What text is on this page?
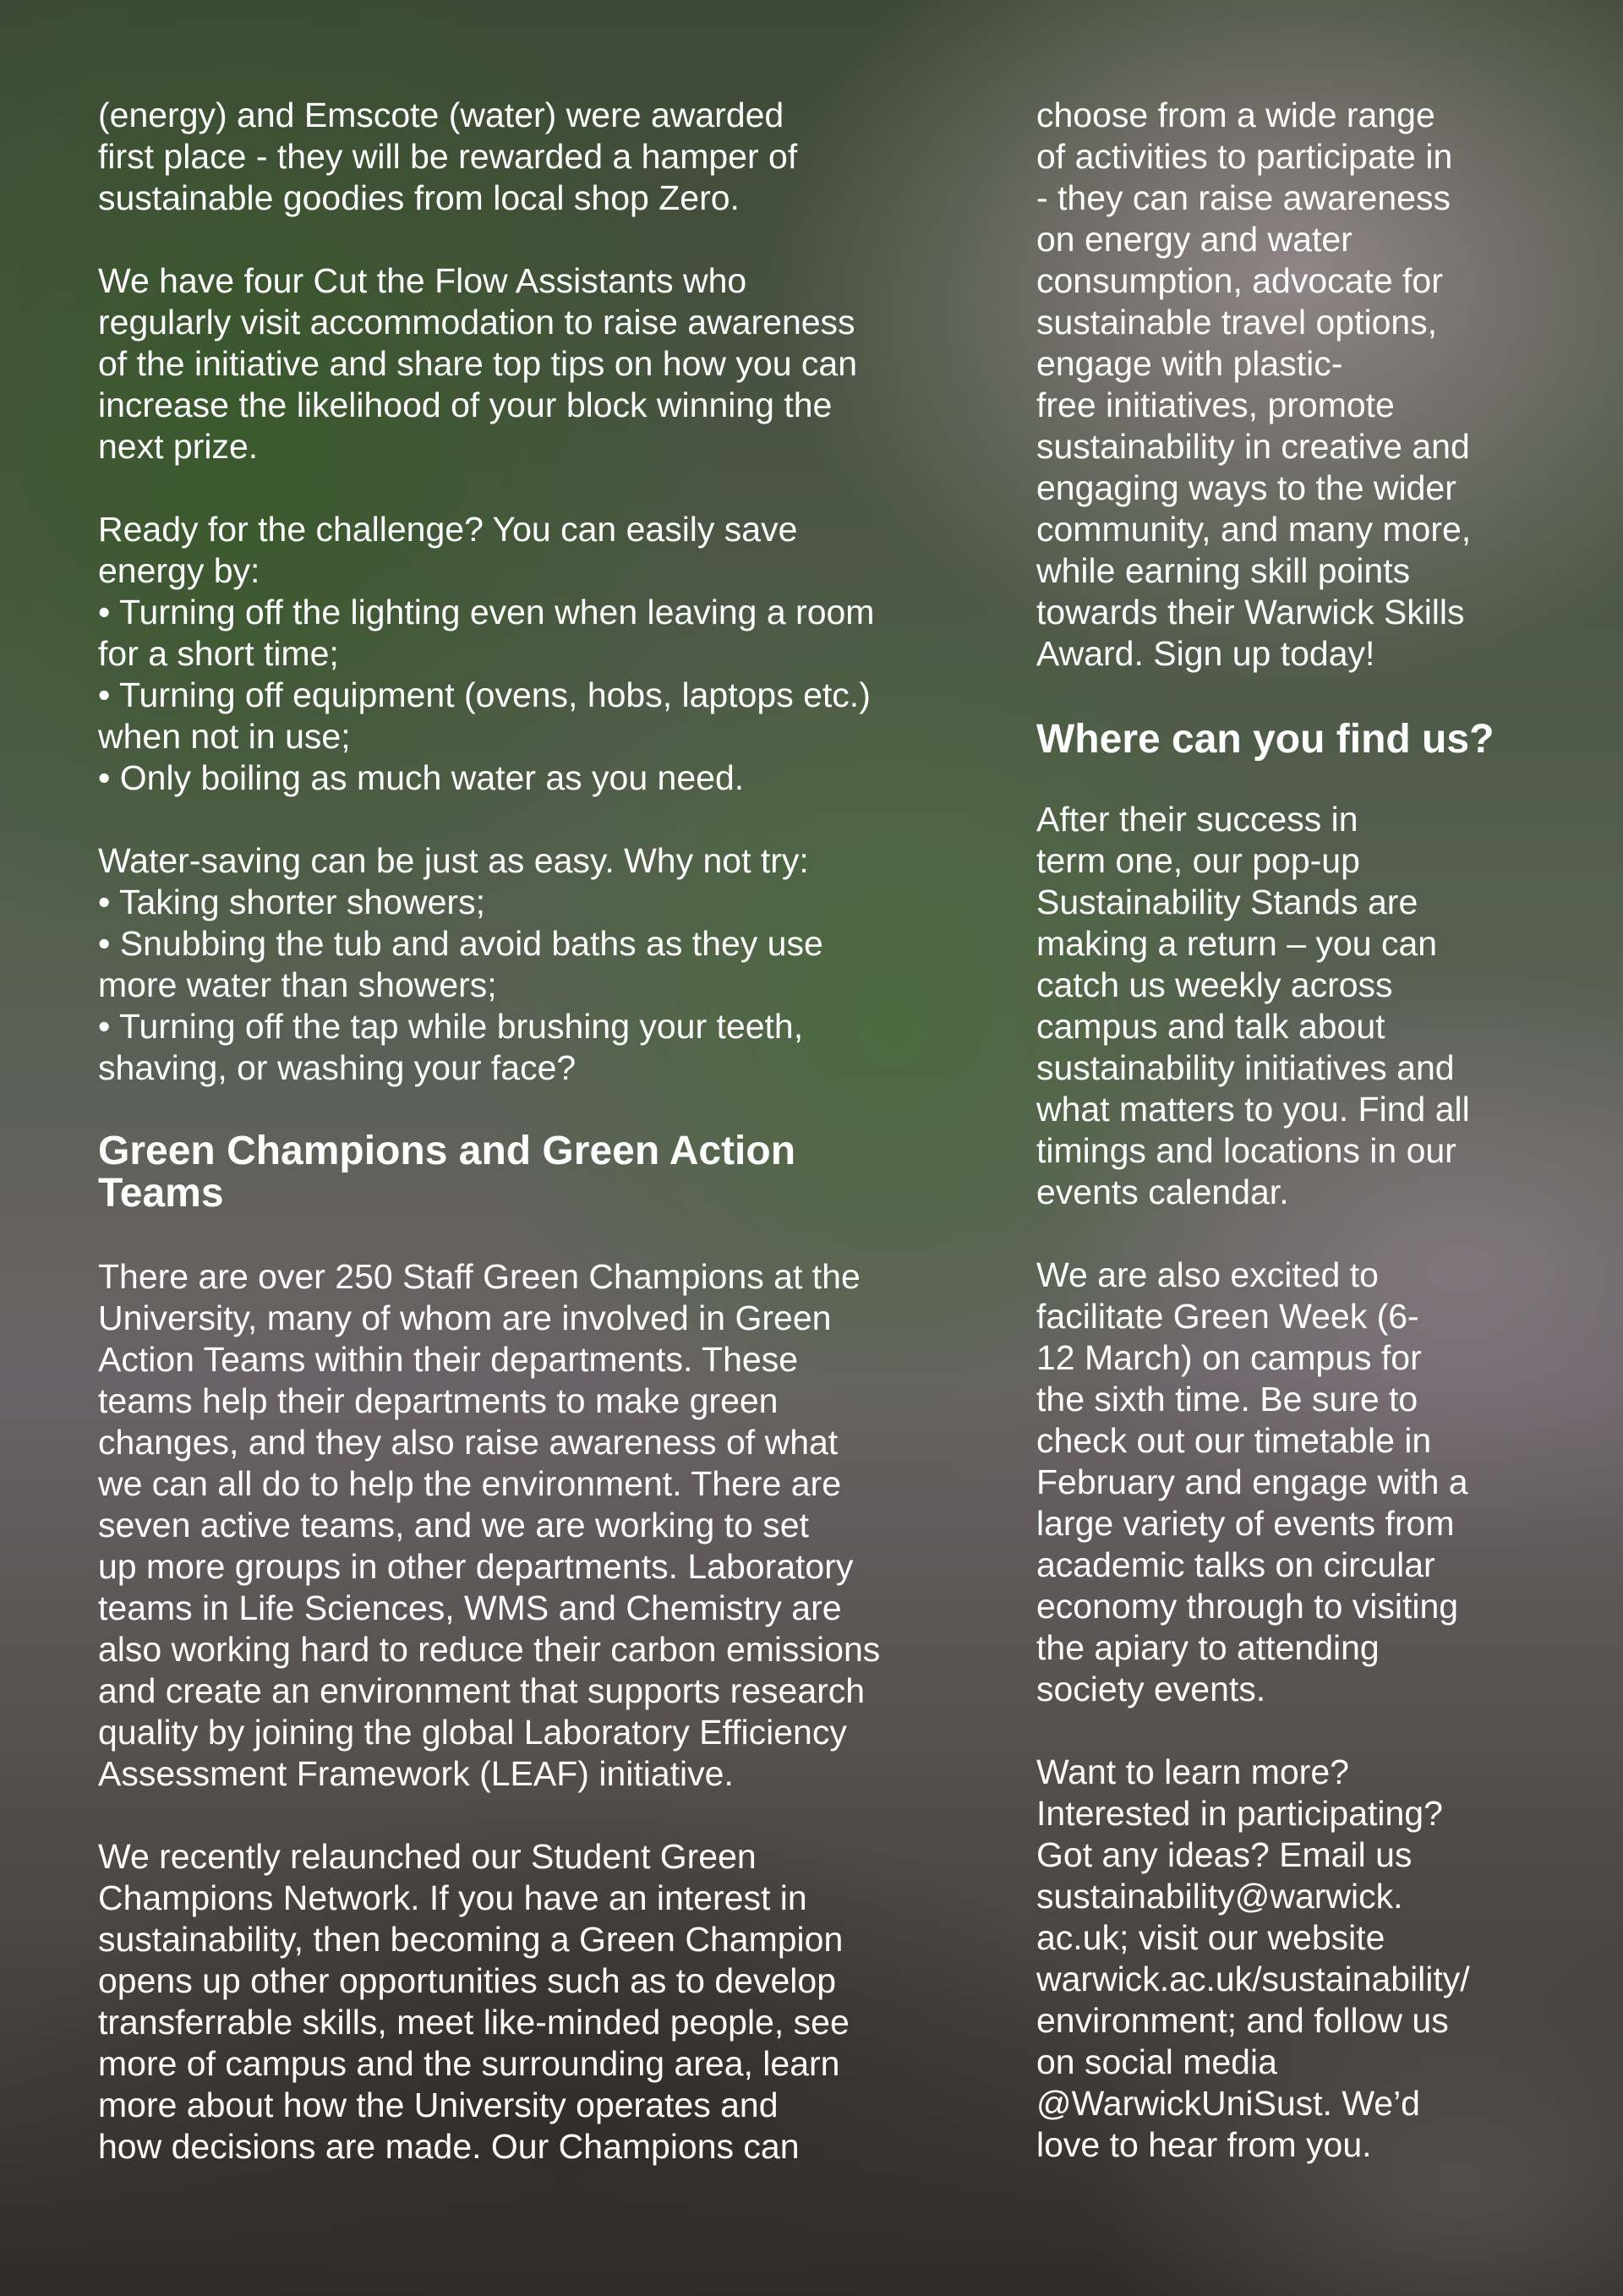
(energy) and Emscote (water) were awarded
first place - they will be rewarded a hamper of
sustainable goodies from local shop Zero.

We have four Cut the Flow Assistants who
regularly visit accommodation to raise awareness
of the initiative and share top tips on how you can
increase the likelihood of your block winning the
next prize.

Ready for the challenge? You can easily save
energy by:
• Turning off the lighting even when leaving a room
for a short time;
• Turning off equipment (ovens, hobs, laptops etc.)
when not in use;
• Only boiling as much water as you need.

Water-saving can be just as easy. Why not try:
• Taking shorter showers;
• Snubbing the tub and avoid baths as they use
more water than showers;
• Turning off the tap while brushing your teeth,
shaving, or washing your face?

Green Champions and Green Action
Teams

There are over 250 Staff Green Champions at the
University, many of whom are involved in Green
Action Teams within their departments. These
teams help their departments to make green
changes, and they also raise awareness of what
we can all do to help the environment. There are
seven active teams, and we are working to set
up more groups in other departments. Laboratory
teams in Life Sciences, WMS and Chemistry are
also working hard to reduce their carbon emissions
and create an environment that supports research
quality by joining the global Laboratory Efficiency
Assessment Framework (LEAF) initiative.

We recently relaunched our Student Green
Champions Network. If you have an interest in
sustainability, then becoming a Green Champion
opens up other opportunities such as to develop
transferrable skills, meet like-minded people, see
more of campus and the surrounding area, learn
more about how the University operates and
how decisions are made. Our Champions can

choose from a wide range
of activities to participate in
- they can raise awareness
on energy and water
consumption, advocate for
sustainable travel options,
engage with plastic-
free initiatives, promote
sustainability in creative and
engaging ways to the wider
community, and many more,
while earning skill points
towards their Warwick Skills
Award. Sign up today!

Where can you find us?

After their success in
term one, our pop-up
Sustainability Stands are
making a return – you can
catch us weekly across
campus and talk about
sustainability initiatives and
what matters to you. Find all
timings and locations in our
events calendar.

We are also excited to
facilitate Green Week (6-
12 March) on campus for
the sixth time. Be sure to
check out our timetable in
February and engage with a
large variety of events from
academic talks on circular
economy through to visiting
the apiary to attending
society events.

Want to learn more?
Interested in participating?
Got any ideas? Email us
sustainability@warwick.
ac.uk; visit our website
warwick.ac.uk/sustainability/
environment; and follow us
on social media
@WarwickUniSust. We’d
love to hear from you.
